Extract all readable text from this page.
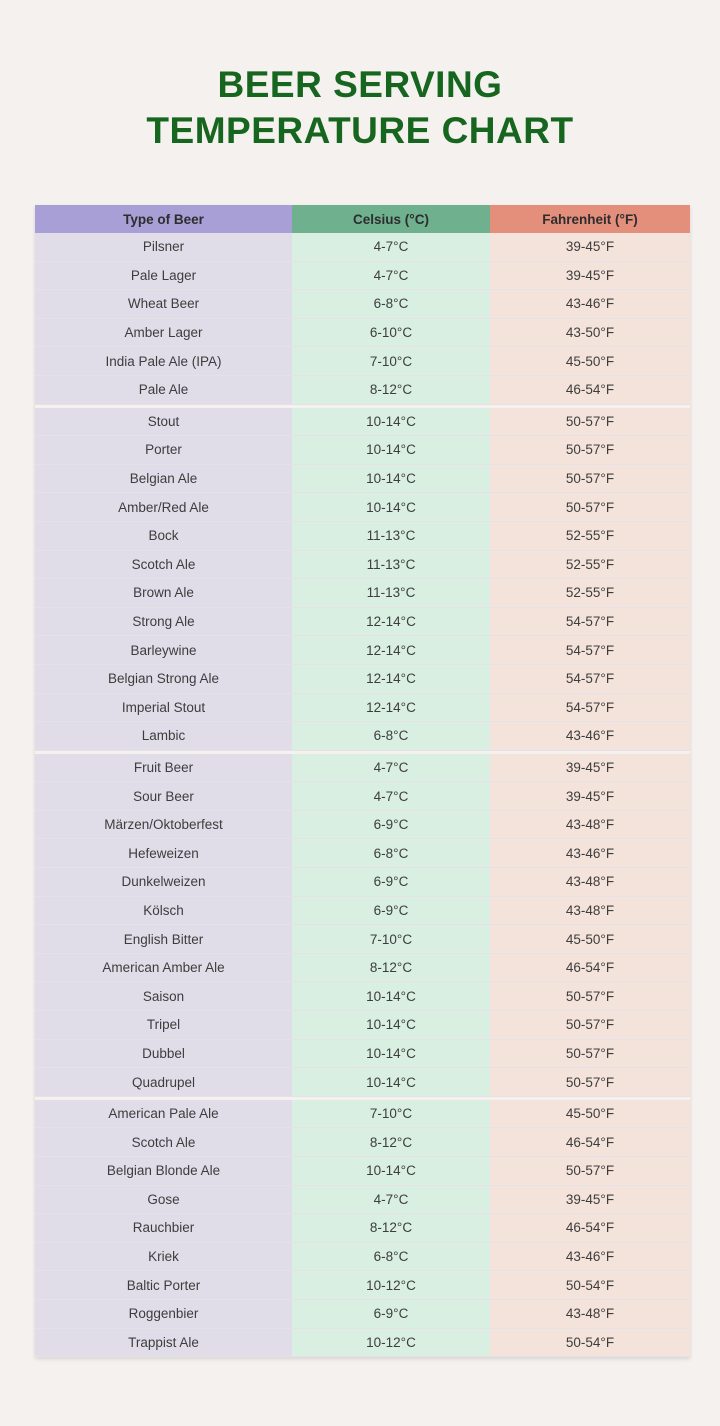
BEER SERVING
TEMPERATURE CHART
Type of Beer	Celsius (°C)	Fahrenheit (°F)
Pilsner	4-7°C	39-45°F
Pale Lager	4-7°C	39-45°F
Wheat Beer	6-8°C	43-46°F
Amber Lager	6-10°C	43-50°F
India Pale Ale (IPA)	7-10°C	45-50°F
Pale Ale	8-12°C	46-54°F
Stout	10-14°C	50-57°F
Porter	10-14°C	50-57°F
Belgian Ale	10-14°C	50-57°F
Amber/Red Ale	10-14°C	50-57°F
Bock	11-13°C	52-55°F
Scotch Ale	11-13°C	52-55°F
Brown Ale	11-13°C	52-55°F
Strong Ale	12-14°C	54-57°F
Barleywine	12-14°C	54-57°F
Belgian Strong Ale	12-14°C	54-57°F
Imperial Stout	12-14°C	54-57°F
Lambic	6-8°C	43-46°F
Fruit Beer	4-7°C	39-45°F
Sour Beer	4-7°C	39-45°F
Märzen/Oktoberfest	6-9°C	43-48°F
Hefeweizen	6-8°C	43-46°F
Dunkelweizen	6-9°C	43-48°F
Kölsch	6-9°C	43-48°F
English Bitter	7-10°C	45-50°F
American Amber Ale	8-12°C	46-54°F
Saison	10-14°C	50-57°F
Tripel	10-14°C	50-57°F
Dubbel	10-14°C	50-57°F
Quadrupel	10-14°C	50-57°F
American Pale Ale	7-10°C	45-50°F
Scotch Ale	8-12°C	46-54°F
Belgian Blonde Ale	10-14°C	50-57°F
Gose	4-7°C	39-45°F
Rauchbier	8-12°C	46-54°F
Kriek	6-8°C	43-46°F
Baltic Porter	10-12°C	50-54°F
Roggenbier	6-9°C	43-48°F
Trappist Ale	10-12°C	50-54°F
